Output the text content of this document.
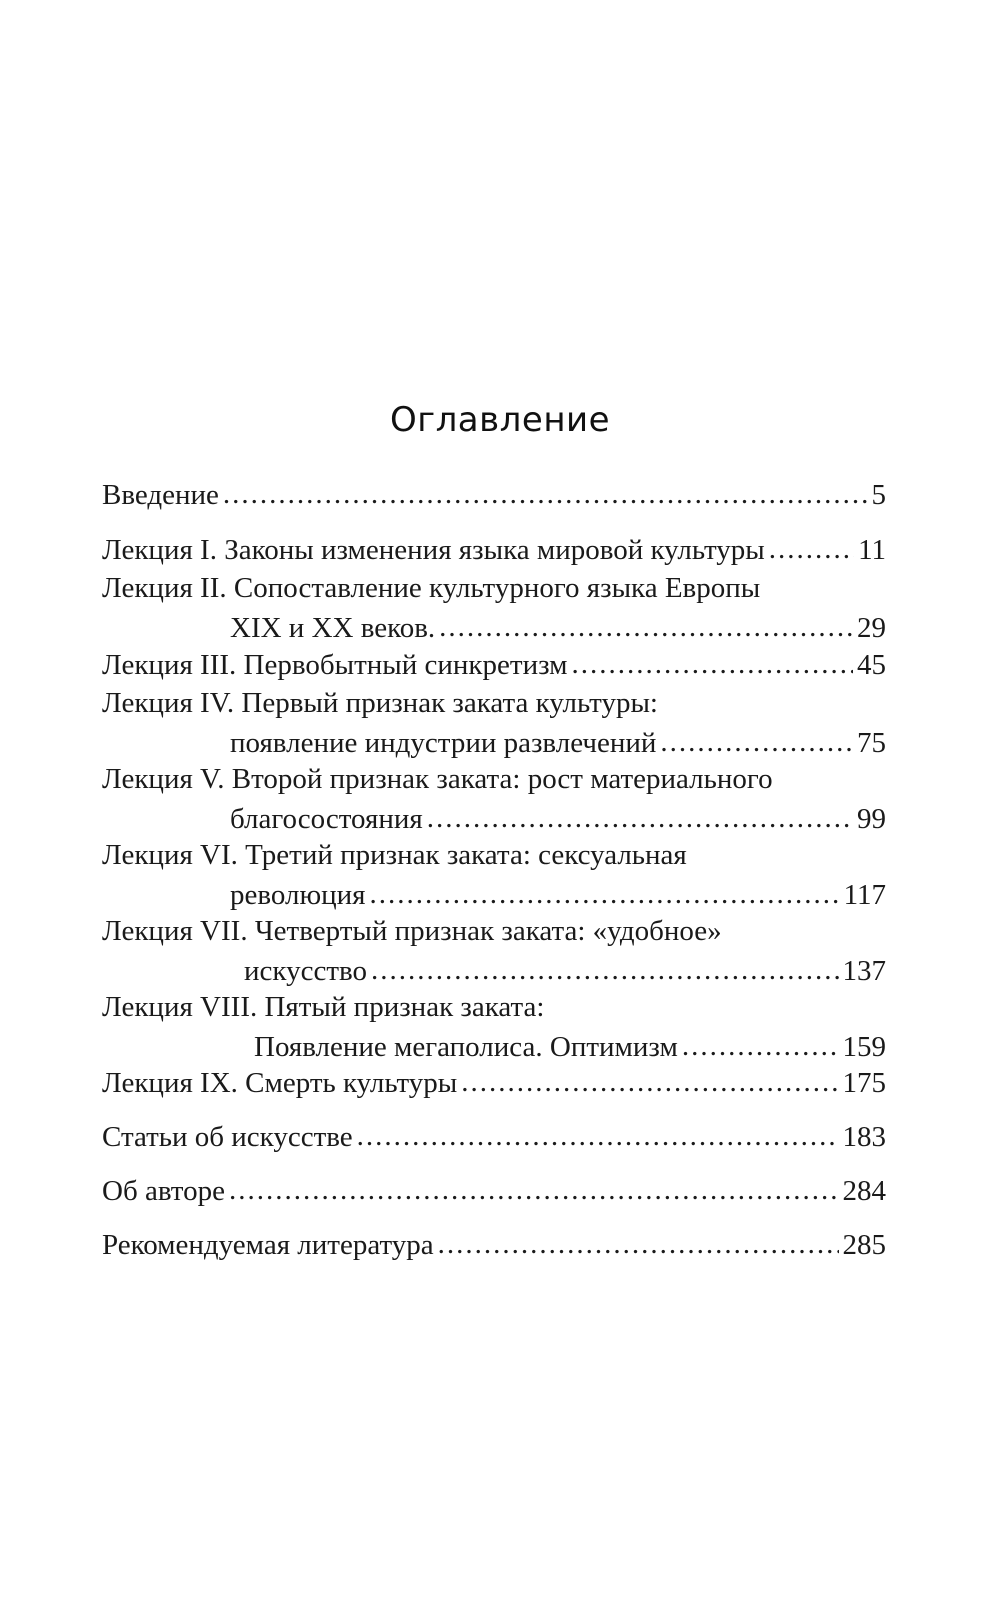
Оглавление
Введение .....	5
Лекция I. Законы изменения языка мировой культуры .....	11
Лекция II. Сопоставление культурного языка Европы
XIX и XX веков. .....	29
Лекция III. Первобытный синкретизм .....	45
Лекция IV. Первый признак заката культуры:
появление индустрии развлечений .....	75
Лекция V. Второй признак заката: рост материального
благосостояния .....	99
Лекция VI. Третий признак заката: сексуальная
революция .....	117
Лекция VII. Четвертый признак заката: «удобное»
искусство .....	137
Лекция VIII. Пятый признак заката:
Появление мегаполиса. Оптимизм .....	159
Лекция IX. Смерть культуры .....	175
Статьи об искусстве .....	183
Об авторе .....	284
Рекомендуемая литература .....	285
